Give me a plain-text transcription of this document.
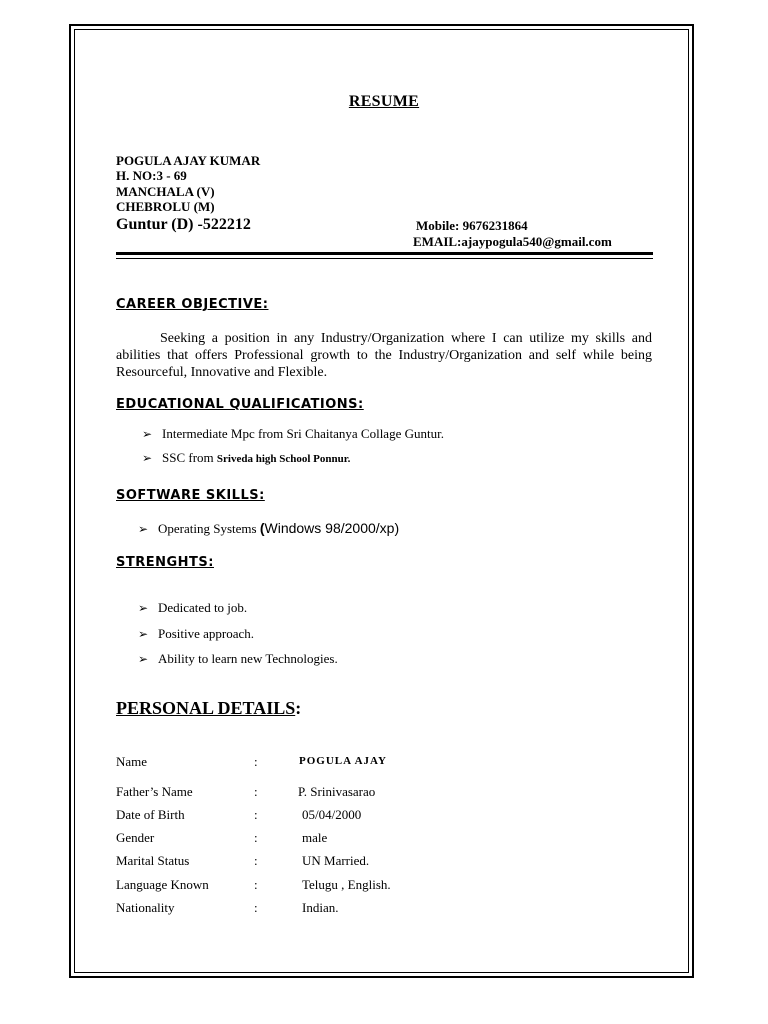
RESUME
POGULA AJAY KUMAR
H. NO:3 - 69
MANCHALA (V)
CHEBROLU (M)
Guntur (D) -522212	Mobile: 9676231864
EMAIL:ajaypogula540@gmail.com
CAREER OBJECTIVE:
Seeking a position in any Industry/Organization where I can utilize my skills and abilities that offers Professional growth to the Industry/Organization and self while being Resourceful, Innovative and Flexible.
EDUCATIONAL QUALIFICATIONS:
➢ Intermediate Mpc from Sri Chaitanya Collage Guntur.
➢ SSC from Sriveda high School Ponnur.
SOFTWARE SKILLS:
➢ Operating Systems (Windows 98/2000/xp)
STRENGHTS:
➢ Dedicated to job.
➢ Positive approach.
➢ Ability to learn new Technologies.
PERSONAL DETAILS:
Name	:	POGULA AJAY
Father’s Name	:	P. Srinivasarao
Date of Birth	:	05/04/2000
Gender	:	male
Marital Status	:	UN Married.
Language Known	:	Telugu , English.
Nationality	:	Indian.
